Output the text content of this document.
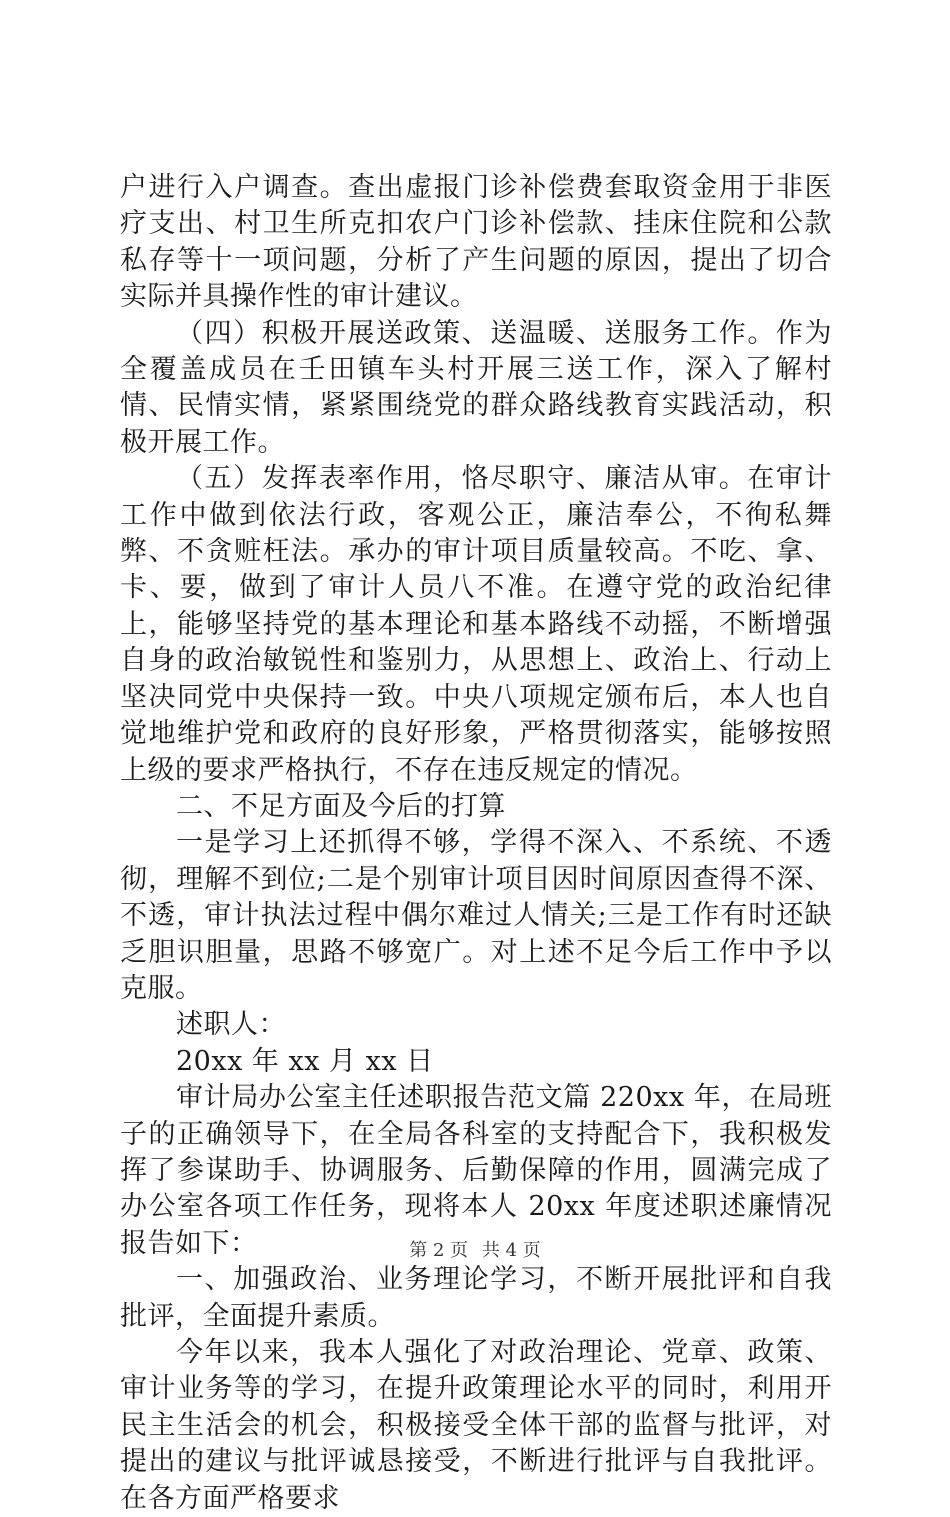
户进行入户调查。查出虚报门诊补偿费套取资金用于非医疗支出、村卫生所克扣农户门诊补偿款、挂床住院和公款私存等十一项问题，分析了产生问题的原因，提出了切合实际并具操作性的审计建议。

（四）积极开展送政策、送温暖、送服务工作。作为全覆盖成员在壬田镇车头村开展三送工作，深入了解村情、民情实情，紧紧围绕党的群众路线教育实践活动，积极开展工作。

（五）发挥表率作用，恪尽职守、廉洁从审。在审计工作中做到依法行政，客观公正，廉洁奉公，不徇私舞弊、不贪赃枉法。承办的审计项目质量较高。不吃、拿、卡、要，做到了审计人员八不准。在遵守党的政治纪律上，能够坚持党的基本理论和基本路线不动摇，不断增强自身的政治敏锐性和鉴别力，从思想上、政治上、行动上坚决同党中央保持一致。中央八项规定颁布后，本人也自觉地维护党和政府的良好形象，严格贯彻落实，能够按照上级的要求严格执行，不存在违反规定的情况。

二、不足方面及今后的打算

一是学习上还抓得不够，学得不深入、不系统、不透彻，理解不到位;二是个别审计项目因时间原因查得不深、不透，审计执法过程中偶尔难过人情关;三是工作有时还缺乏胆识胆量，思路不够宽广。对上述不足今后工作中予以克服。

述职人：

20xx 年 xx 月 xx 日

审计局办公室主任述职报告范文篇 220xx 年，在局班子的正确领导下，在全局各科室的支持配合下，我积极发挥了参谋助手、协调服务、后勤保障的作用，圆满完成了办公室各项工作任务，现将本人 20xx 年度述职述廉情况报告如下：

一、加强政治、业务理论学习，不断开展批评和自我批评，全面提升素质。

今年以来，我本人强化了对政治理论、党章、政策、审计业务等的学习，在提升政策理论水平的同时，利用开民主生活会的机会，积极接受全体干部的监督与批评，对提出的建议与批评诚恳接受，不断进行批评与自我批评。在各方面严格要求

第 2 页 共 4 页
